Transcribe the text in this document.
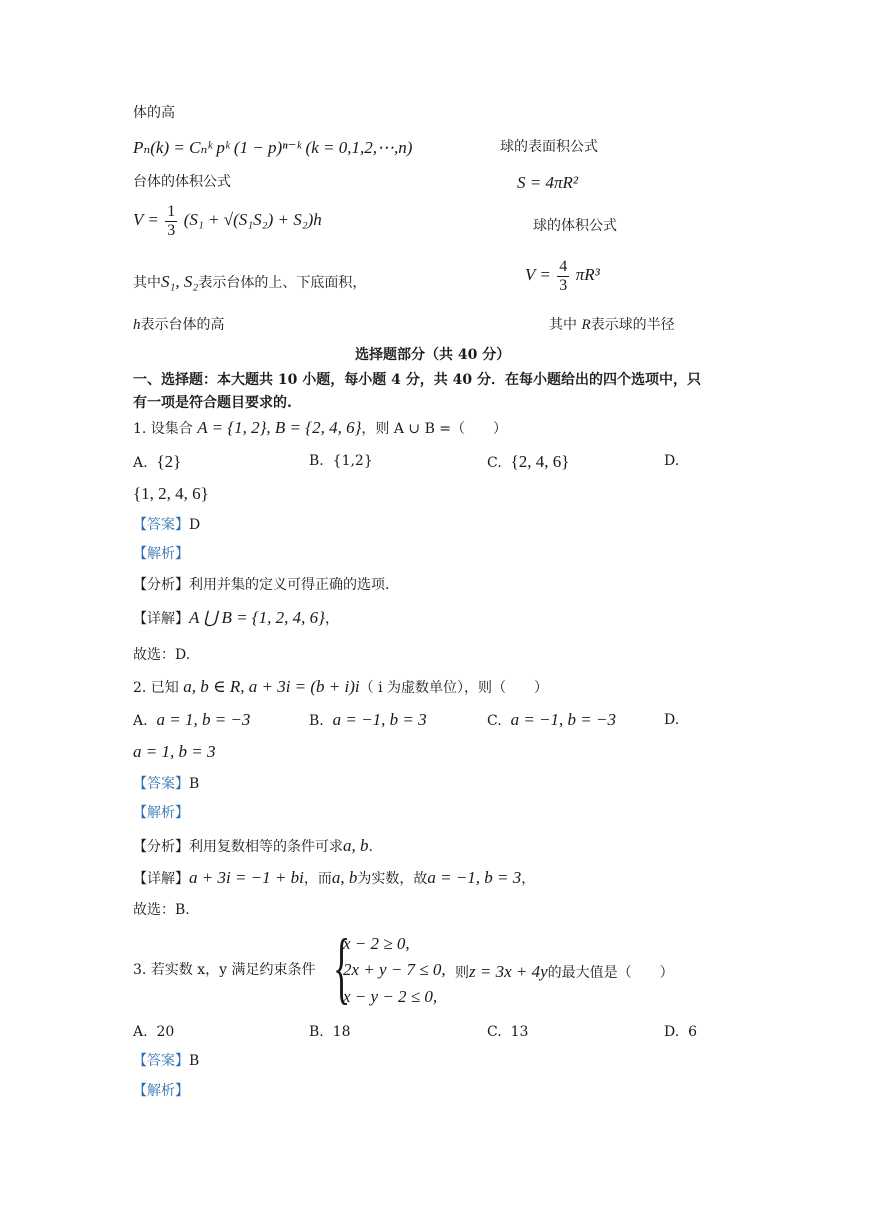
体的高
Pₙ(k) = Cₙᵏ pᵏ (1 − p)ⁿ⁻ᵏ (k = 0,1,2,⋯,n)	球的表面积公式
台体的体积公式	S = 4πR²
$V = \frac{1}{3} (S_1 + √(S_1S_2) + S_2)h$	球的体积公式
其中S₁, S₂表示台体的上、下底面积，	$V = \frac{4}{3} \pi R^3$
h表示台体的高	其中 R表示球的半径
选择题部分（共 40 分）
一、选择题：本大题共 10 小题，每小题 4 分，共 40 分．在每小题给出的四个选项中，只
有一项是符合题目要求的.
1. 设集合 A = {1, 2}, B = {2, 4, 6}，则 A ∪ B =（　　）
A. {2}	B. {1,2}	C. {2, 4, 6}	D.
{1, 2, 4, 6}
【答案】D
【解析】
【分析】利用并集的定义可得正确的选项.
【详解】A ⋃ B = {1, 2, 4, 6}，
故选：D.
2. 已知 a, b ∈ R, a + 3i = (b + i)i（ i 为虚数单位），则（　　）
A. a = 1, b = −3	B. a = −1, b = 3	C. a = −1, b = −3	D.
a = 1, b = 3
【答案】B
【解析】
【分析】利用复数相等的条件可求a, b.
【详解】a + 3i = −1 + bi，而a, b为实数，故a = −1, b = 3，
故选：B.
3. 若实数 x，y 满足约束条件 {
x − 2 ≥ 0,
2x + y − 7 ≤ 0,
x − y − 2 ≤ 0,
则z = 3x + 4y的最大值是（　　）
A. 20	B. 18	C. 13	D. 6
【答案】B
【解析】
